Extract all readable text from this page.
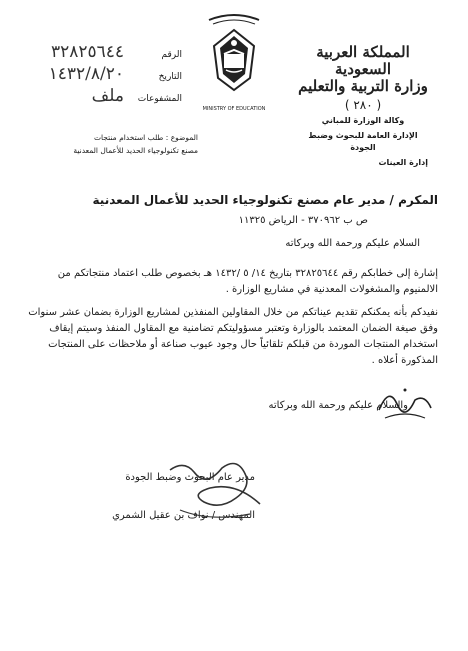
المملكة العربية السعودية
وزارة التربية والتعليم
( ٢٨٠ )
وكالة الوزارة للمباني
الإدارة العامة للبحوث وضبط الجودة
إدارة العينات
MINISTRY OF EDUCATION
الرقم
٣٢٨٢٥٦٤٤
التاريخ
١٤٣٢/٨/٢٠
المشفوعات
ملف
الموضوع : طلب استخدام منتجات
مصنع تكنولوجياء الحديد للأعمال المعدنية
المكرم / مدير عام مصنع تكنولوجياء الحديد للأعمال المعدنية
ص ب ٣٧٠٩٦٢ - الرياض ١١٣٢٥
السلام عليكم ورحمة الله وبركاته
إشارة إلى خطابكم رقم ٣٢٨٢٥٦٤٤ بتاريخ ١٤/ ٥ /١٤٣٢ هـ بخصوص طلب اعتماد منتجاتكم من الالمنيوم والمشغولات المعدنية في مشاريع الوزارة .
نفيدكم بأنه يمكنكم تقديم عيناتكم من خلال المقاولين المنفذين لمشاريع الوزارة بضمان عشر سنوات وفق صيغة الضمان المعتمد بالوزارة وتعتبر مسؤوليتكم تضامنية مع المقاول المنفذ وسيتم إيقاف استخدام المنتجات الموردة من قبلكم تلقائياً حال وجود عيوب صناعة أو ملاحظات على المنتجات المذكورة أعلاه .
والسلام عليكم ورحمة الله وبركاته
مدير عام البحوث وضبط الجودة
المهندس / نواف بن عقيل الشمري
